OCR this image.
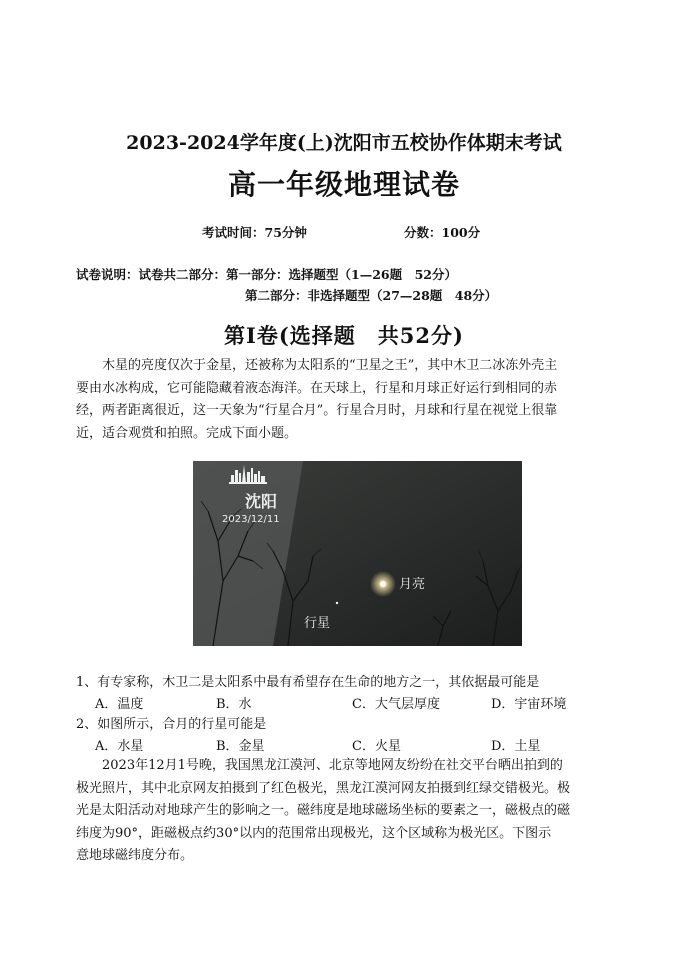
2023-2024学年度(上)沈阳市五校协作体期末考试
高一年级地理试卷
考试时间：75分钟	分数：100分
试卷说明：试卷共二部分：第一部分：选择题型（1—26题　52分）
第二部分：非选择题型（27—28题　48分）
第Ⅰ卷(选择题　共52分)
　　木星的亮度仅次于金星，还被称为太阳系的“卫星之王”，其中木卫二冰冻外壳主
要由水冰构成，它可能隐藏着液态海洋。在天球上，行星和月球正好运行到相同的赤
经，两者距离很近，这一天象为“行星合月”。行星合月时，月球和行星在视觉上很靠
近，适合观赏和拍照。完成下面小题。
沈阳
2023/12/11
月亮
行星
1、有专家称，木卫二是太阳系中最有希望存在生命的地方之一，其依据最可能是
A．温度	B．水	C．大气层厚度	D．宇宙环境
2、如图所示，合月的行星可能是
A．水星	B．金星	C．火星	D．土星
　　2023年12月1号晚，我国黑龙江漠河、北京等地网友纷纷在社交平台晒出拍到的
极光照片，其中北京网友拍摄到了红色极光，黑龙江漠河网友拍摄到红绿交错极光。极
光是太阳活动对地球产生的影响之一。磁纬度是地球磁场坐标的要素之一，磁极点的磁
纬度为90°，距磁极点约30°以内的范围常出现极光，这个区域称为极光区。下图示
意地球磁纬度分布。
